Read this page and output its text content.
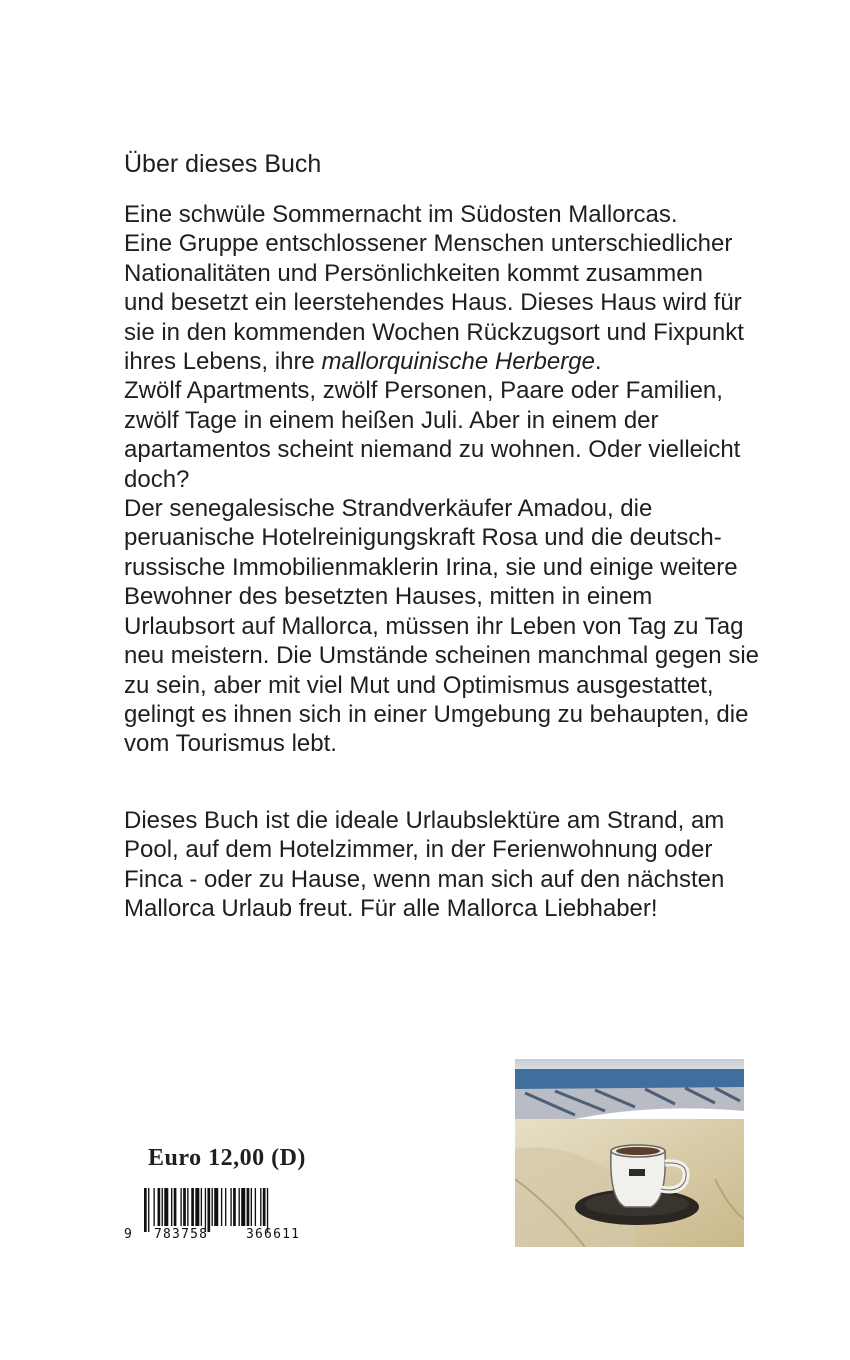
Über dieses Buch
Eine schwüle Sommernacht im Südosten Mallorcas.
Eine Gruppe entschlossener Menschen unterschiedlicher
Nationalitäten und Persönlichkeiten kommt zusammen
und besetzt ein leerstehendes Haus. Dieses Haus wird für
sie in den kommenden Wochen Rückzugsort und Fixpunkt
ihres Lebens, ihre mallorquinische Herberge.
Zwölf Apartments, zwölf Personen, Paare oder Familien,
zwölf Tage in einem heißen Juli. Aber in einem der
apartamentos scheint niemand zu wohnen. Oder vielleicht
doch?
Der senegalesische Strandverkäufer Amadou, die
peruanische Hotelreinigungskraft Rosa und die deutsch-
russische Immobilienmaklerin Irina, sie und einige weitere
Bewohner des besetzten Hauses, mitten in einem
Urlaubsort auf Mallorca, müssen ihr Leben von Tag zu Tag
neu meistern. Die Umstände scheinen manchmal gegen sie
zu sein, aber mit viel Mut und Optimismus ausgestattet,
gelingt es ihnen sich in einer Umgebung zu behaupten, die
vom Tourismus lebt.
Dieses Buch ist die ideale Urlaubslektüre am Strand, am
Pool, auf dem Hotelzimmer, in der Ferienwohnung oder
Finca - oder zu Hause, wenn man sich auf den nächsten
Mallorca Urlaub freut. Für alle Mallorca Liebhaber!
Euro 12,00 (D)
9 783758	366611
